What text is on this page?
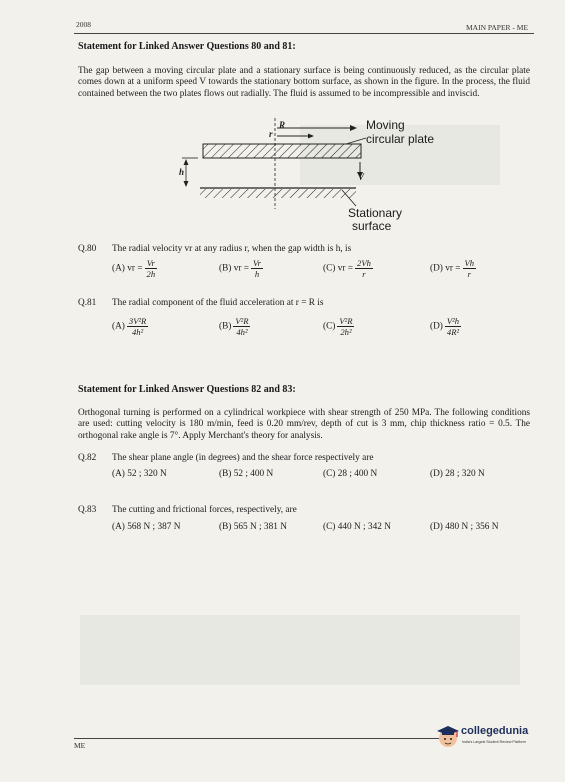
2008	MAIN PAPER - ME
Statement for Linked Answer Questions 80 and 81:
The gap between a moving circular plate and a stationary surface is being continuously reduced, as the circular plate comes down at a uniform speed V towards the stationary bottom surface, as shown in the figure. In the process, the fluid contained between the two plates flows out radially. The fluid is assumed to be incompressible and inviscid.
R
r
h	V
Moving
circular plate
Stationary
surface
Q.80 The radial velocity vr at any radius r, when the gap width is h, is
(A) vr = $\frac{Vr}{2h}$	(B) vr = $\frac{Vr}{h}$	(C) vr = $\frac{2Vh}{r}$	(D) vr = $\frac{Vh}{r}$
Q.81 The radial component of the fluid acceleration at r = R is
$(A) \frac{\text{3V²R}}{\text{4h²}}$	$(B) \frac{\text{V²R}}{\text{4h²}}$	$(C) \frac{\text{V²R}}{\text{2h²}}$	$(D) \frac{\text{V²h}}{\text{4R²}}$
Statement for Linked Answer Questions 82 and 83:
Orthogonal turning is performed on a cylindrical workpiece with shear strength of 250 MPa. The following conditions are used: cutting velocity is 180 m/min, feed is 0.20 mm/rev, depth of cut is 3 mm, chip thickness ratio = 0.5. The orthogonal rake angle is 7°. Apply Merchant's theory for analysis.
Q.82 The shear plane angle (in degrees) and the shear force respectively are
(A) 52 ; 320 N	(B) 52 ; 400 N	(C) 28 ; 400 N	(D) 28 ; 320 N
Q.83 The cutting and frictional forces, respectively, are
(A) 568 N ; 387 N	(B) 565 N ; 381 N	(C) 440 N ; 342 N	(D) 480 N ; 356 N
ME
collegedunia
India's Largest Student Review Platform
